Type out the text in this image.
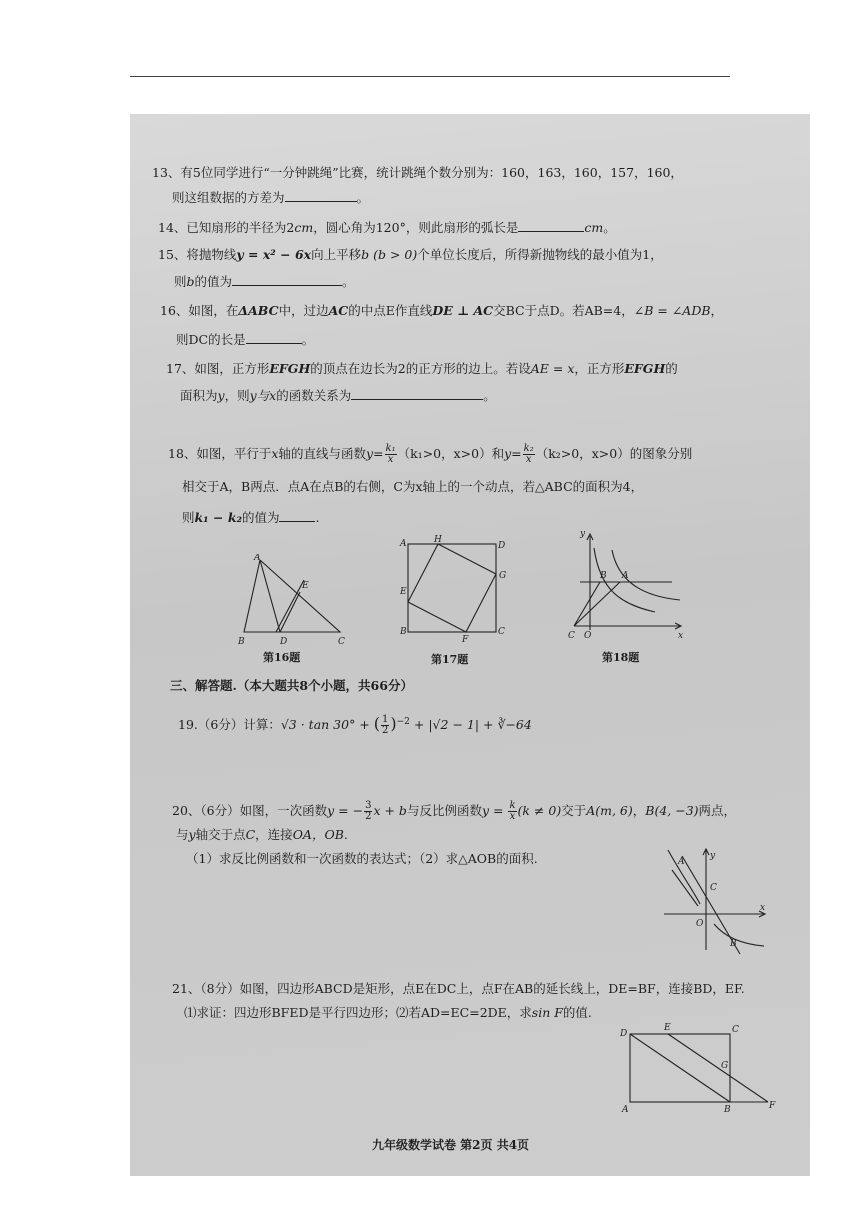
13、有5位同学进行“一分钟跳绳”比赛，统计跳绳个数分别为：160，163，160，157，160，
则这组数据的方差为	。
14、已知扇形的半径为2cm，圆心角为120°，则此扇形的弧长是	cm。
15、将抛物线y = x² − 6x向上平移b (b > 0)个单位长度后，所得新抛物线的最小值为1，
则b的值为	。
16、如图，在ΔABC中，过边AC的中点E作直线DE ⊥ AC交BC于点D。若AB=4，∠B = ∠ADB，
则DC的长是	。
17、如图，正方形EFGH的顶点在边长为2的正方形的边上。若设AE = x，正方形EFGH的
面积为y，则y与x的函数关系为	。
18、如图，平行于x轴的直线与函数$y= \frac{\text{k₁}}{x} (k_1>0$，x>0）和$y= \frac{\text{k₂}}{x} (k_2>0$，x>0）的图象分别
相交于A，B两点．点A在点B的右侧，C为x轴上的一个动点，若△ABC的面积为4，
则k₁ − k₂的值为	.
A
E
B	D	C
第16题
A	H
D
E
G
B
F
C
第17题
y
B A
C O	x
第18题
三、解答题.（本大题共8个小题，共66分）
19.（6分）计算：√3 · tan 30° + ( $\frac{1}{2} )^{-2} + |√2 - 1|$ + ∛−64
20、（6分）如图，一次函数y = − $\frac{3}{2}$ x + b与反比例函数$y = \frac{k}{x} (k \ne 0)$交于A(m, 6)，B(4, −3)两点，
与y轴交于点C，连接OA，OB.
（1）求反比例函数和一次函数的表达式；（2）求△AOB的面积.	A
y
C
O
x
B
21、（8分）如图，四边形ABCD是矩形，点E在DC上，点F在AB的延长线上，DE=BF，连接BD，EF.
⑴求证：四边形BFED是平行四边形；⑵若AD=EC=2DE，求sin F的值.
D
E	C
G
A	B	F
九年级数学试卷 第2页 共4页
